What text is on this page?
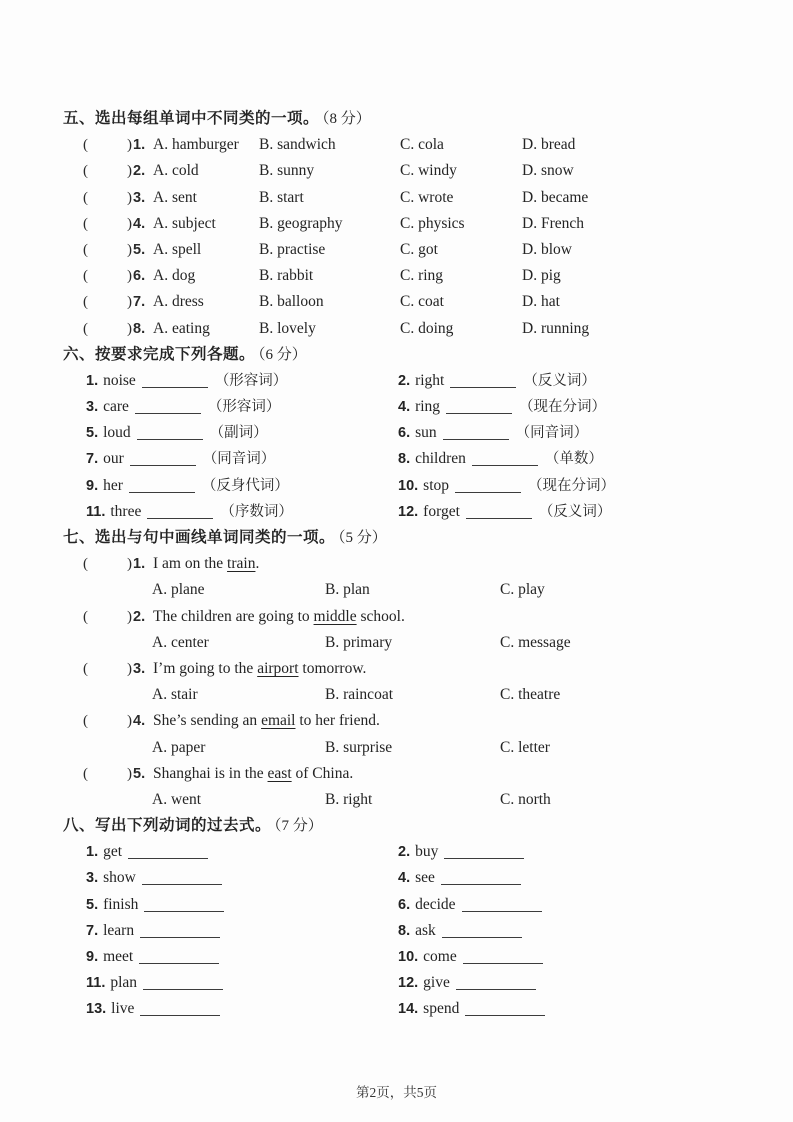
五、选出每组单词中不同类的一项。 （8 分）
(	)1. A. hamburger B. sandwich	C. cola	D. bread
(	)2. A. cold	B. sunny	C. windy	D. snow
(	)3. A. sent	B. start	C. wrote	D. became
(	)4. A. subject	B. geography	C. physics	D. French
(	)5. A. spell	B. practise	C. got	D. blow
(	)6. A. dog	B. rabbit	C. ring	D. pig
(	)7. A. dress	B. balloon	C. coat	D. hat
(	)8. A. eating	B. lovely	C. doing	D. running
六、按要求完成下列各题。 （6 分）
1. noise	（形容词）	2. right	（反义词）
3. care	（形容词）	4. ring	（现在分词）
5. loud	（副词）	6. sun	（同音词）
7. our	（同音词）	8. children	（单数）
9. her	（反身代词）	10. stop	（现在分词）
11. three	（序数词）	12. forget	（反义词）
七、选出与句中画线单词同类的一项。 （5 分）
(	)1. I am on the train.
A. plane	B. plan	C. play
(	)2. The children are going to middle school.
A. center	B. primary	C. message
(	)3. I’m going to the airport tomorrow.
A. stair	B. raincoat	C. theatre
(	)4. She’s sending an email to her friend.
A. paper	B. surprise	C. letter
(	)5. Shanghai is in the east of China.
A. went	B. right	C. north
八、写出下列动词的过去式。 （7 分）
1. get	2. buy
3. show	4. see
5. finish	6. decide
7. learn	8. ask
9. meet	10. come
11. plan	12. give
13. live	14. spend
第2页，共5页
